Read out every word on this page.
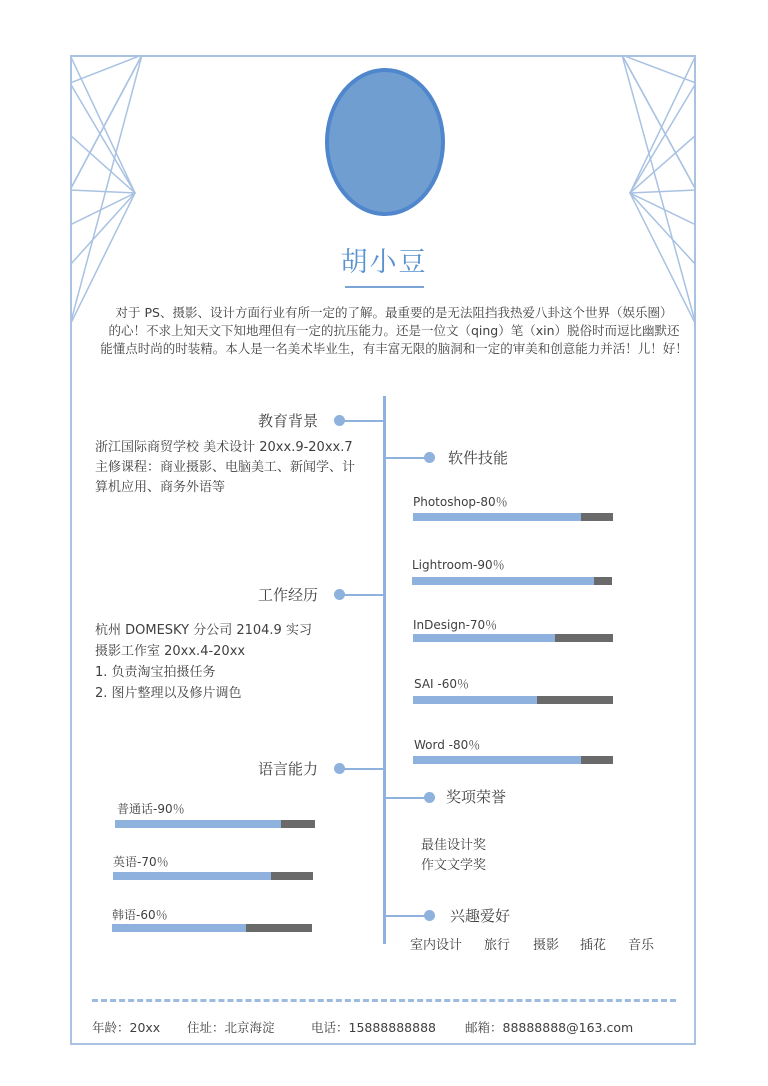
胡小豆
对于 PS、摄影、设计方面行业有所一定的了解。最重要的是无法阻挡我热爱八卦这个世界（娱乐圈）
的心！不求上知天文下知地理但有一定的抗压能力。还是一位文（qing）笔（xin）脱俗时而逗比幽默还
能懂点时尚的时装精。本人是一名美术毕业生，有丰富无限的脑洞和一定的审美和创意能力并活！儿！好！
教育背景
工作经历
语言能力
软件技能
奖项荣誉
兴趣爱好
浙江国际商贸学校 美术设计 20xx.9-20xx.7
主修课程：商业摄影、电脑美工、新闻学、计
算机应用、商务外语等
杭州 DOMESKY 分公司 2104.9 实习
摄影工作室 20xx.4-20xx
1. 负责淘宝拍摄任务
2. 图片整理以及修片调色
普通话-90％
英语-70％
韩语-60％
Photoshop-80％
Lightroom-90％
InDesign-70％
SAI -60％
Word -80％
最佳设计奖
作文文学奖
室内设计 旅行 摄影 插花 音乐
年龄：20xx 住址：北京海淀	电话：15888888888 邮箱：88888888@163.com
